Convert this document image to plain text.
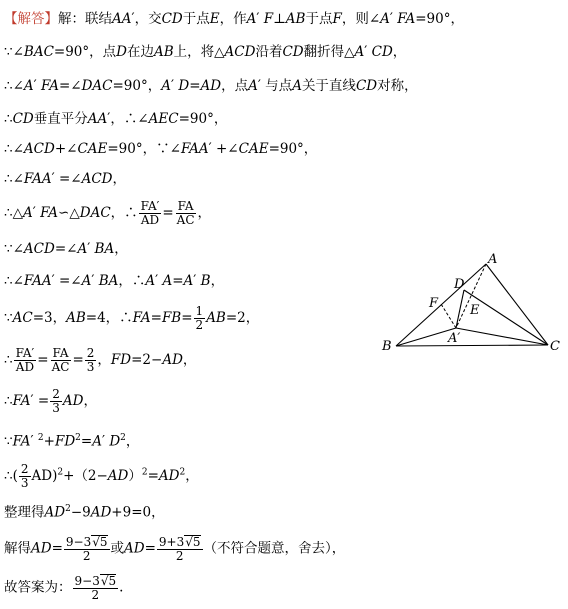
【解答】解：联结AA′，交CD于点E，作A′ F⊥AB于点F，则∠A′ FA=90°，
∵∠BAC=90°，点D在边AB上，将△ACD沿着CD翻折得△A′ CD，
∴∠A′ FA=∠DAC=90°，A′ D=AD，点A′ 与点A关于直线CD对称，
∴CD垂直平分AA′，∴∠AEC=90°，
∴∠ACD+∠CAE=90°，∵∠FAA′ +∠CAE=90°，
∴∠FAA′ =∠ACD，
∴△A′ FA∽△DAC，∴ $\frac{FA'}{AD} = \frac{FA}{AC}$ ，
∵∠ACD=∠A′ BA，
∴∠FAA′ =∠A′ BA，∴A′ A=A′ B，
∵AC=3，AB=4，∴FA=FB= $\frac{1}{2} AB=2$，
∴ $\frac{FA'}{AD} = \frac{FA}{AC} = \frac{2}{3}$ ，FD=2−AD，
∴FA′ = $\frac{2}{3}$ AD，
∵FA′ $^2+FD^2=A'$ $D^2$，
∴( $\frac{2}{3} AD)^2+(2-AD)^2=AD^2$，
整理得$AD^2-9AD+9=0$，
解得$AD= \frac{9-3√5}{2}$ 或$AD= \frac{9+3√5}{2}$ （不符合题意，舍去），
故答案为： $\frac{9-3√5}{2}$ .
A
B	C
D
E
F
A′
